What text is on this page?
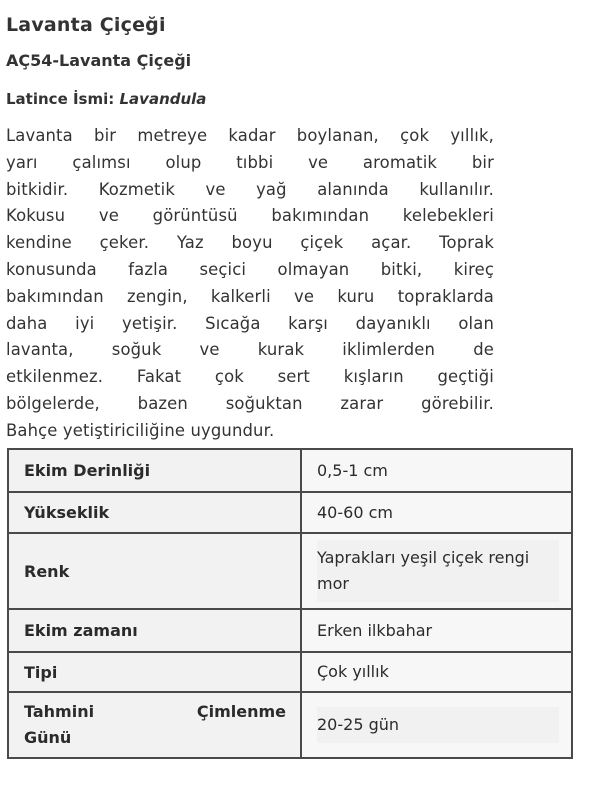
Lavanta Çiçeği
AÇ54-Lavanta Çiçeği
Latince İsmi: Lavandula
Lavanta bir metreye kadar boylanan, çok yıllık,
yarı çalımsı olup tıbbi ve aromatik bir
bitkidir. Kozmetik ve yağ alanında kullanılır.
Kokusu ve görüntüsü bakımından kelebekleri
kendine çeker. Yaz boyu çiçek açar. Toprak
konusunda fazla seçici olmayan bitki, kireç
bakımından zengin, kalkerli ve kuru topraklarda
daha iyi yetişir. Sıcağa karşı dayanıklı olan
lavanta, soğuk ve kurak iklimlerden de
etkilenmez. Fakat çok sert kışların geçtiği
bölgelerde, bazen soğuktan zarar görebilir.
Bahçe yetiştiriciliğine uygundur.
Ekim Derinliği	0,5-1 cm
Yükseklik	40-60 cm
Renk	Yaprakları yeşil çiçek rengi
mor

Ekim zamanı	Erken ilkbahar
Tipi	Çok yıllık

Tahmini Çimlenme
Günü	20-25 gün
